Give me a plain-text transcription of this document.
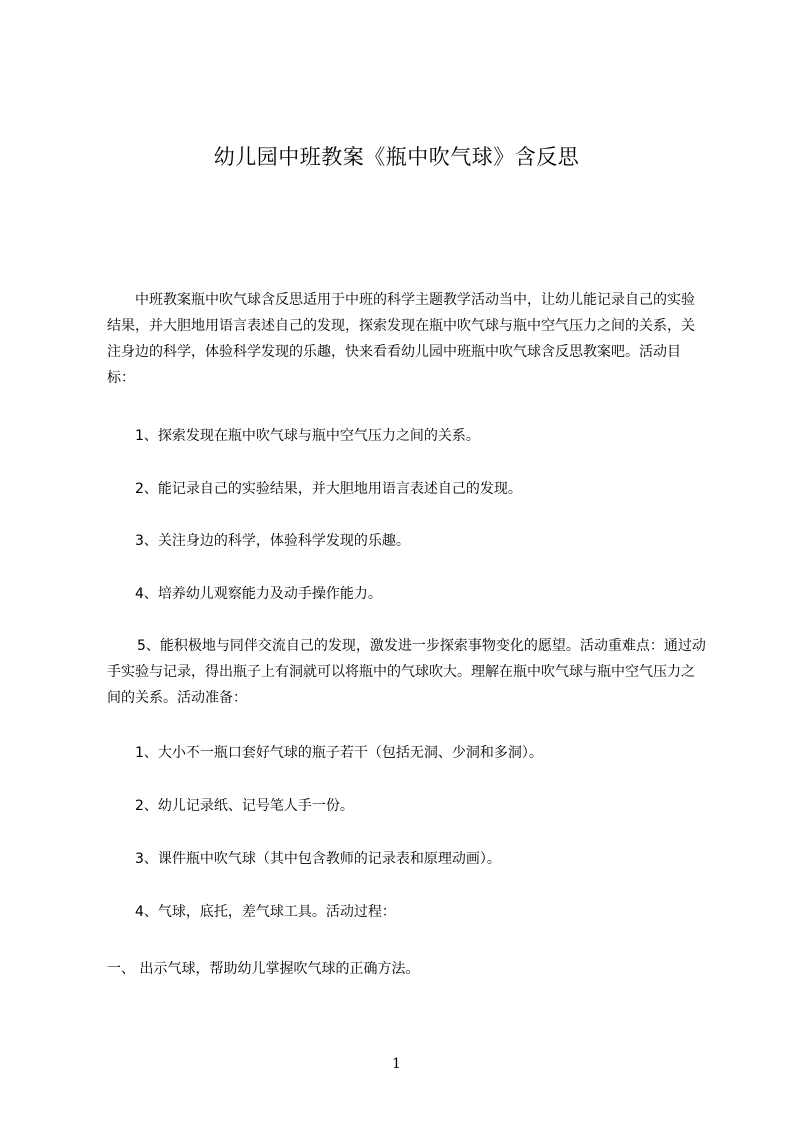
幼儿园中班教案《瓶中吹气球》含反思

中班教案瓶中吹气球含反思适用于中班的科学主题教学活动当中，让幼儿能记录自己的实验结果，并大胆地用语言表述自己的发现，探索发现在瓶中吹气球与瓶中空气压力之间的关系，关注身边的科学，体验科学发现的乐趣，快来看看幼儿园中班瓶中吹气球含反思教案吧。活动目标：

1、探索发现在瓶中吹气球与瓶中空气压力之间的关系。

2、能记录自己的实验结果，并大胆地用语言表述自己的发现。

3、关注身边的科学，体验科学发现的乐趣。

4、培养幼儿观察能力及动手操作能力。

5、能积极地与同伴交流自己的发现，激发进一步探索事物变化的愿望。活动重难点：通过动手实验与记录，得出瓶子上有洞就可以将瓶中的气球吹大。理解在瓶中吹气球与瓶中空气压力之间的关系。活动准备：

1、大小不一瓶口套好气球的瓶子若干（包括无洞、少洞和多洞）。

2、幼儿记录纸、记号笔人手一份。

3、课件瓶中吹气球（其中包含教师的记录表和原理动画）。

4、气球，底托，差气球工具。活动过程：

一、 出示气球，帮助幼儿掌握吹气球的正确方法。

1
